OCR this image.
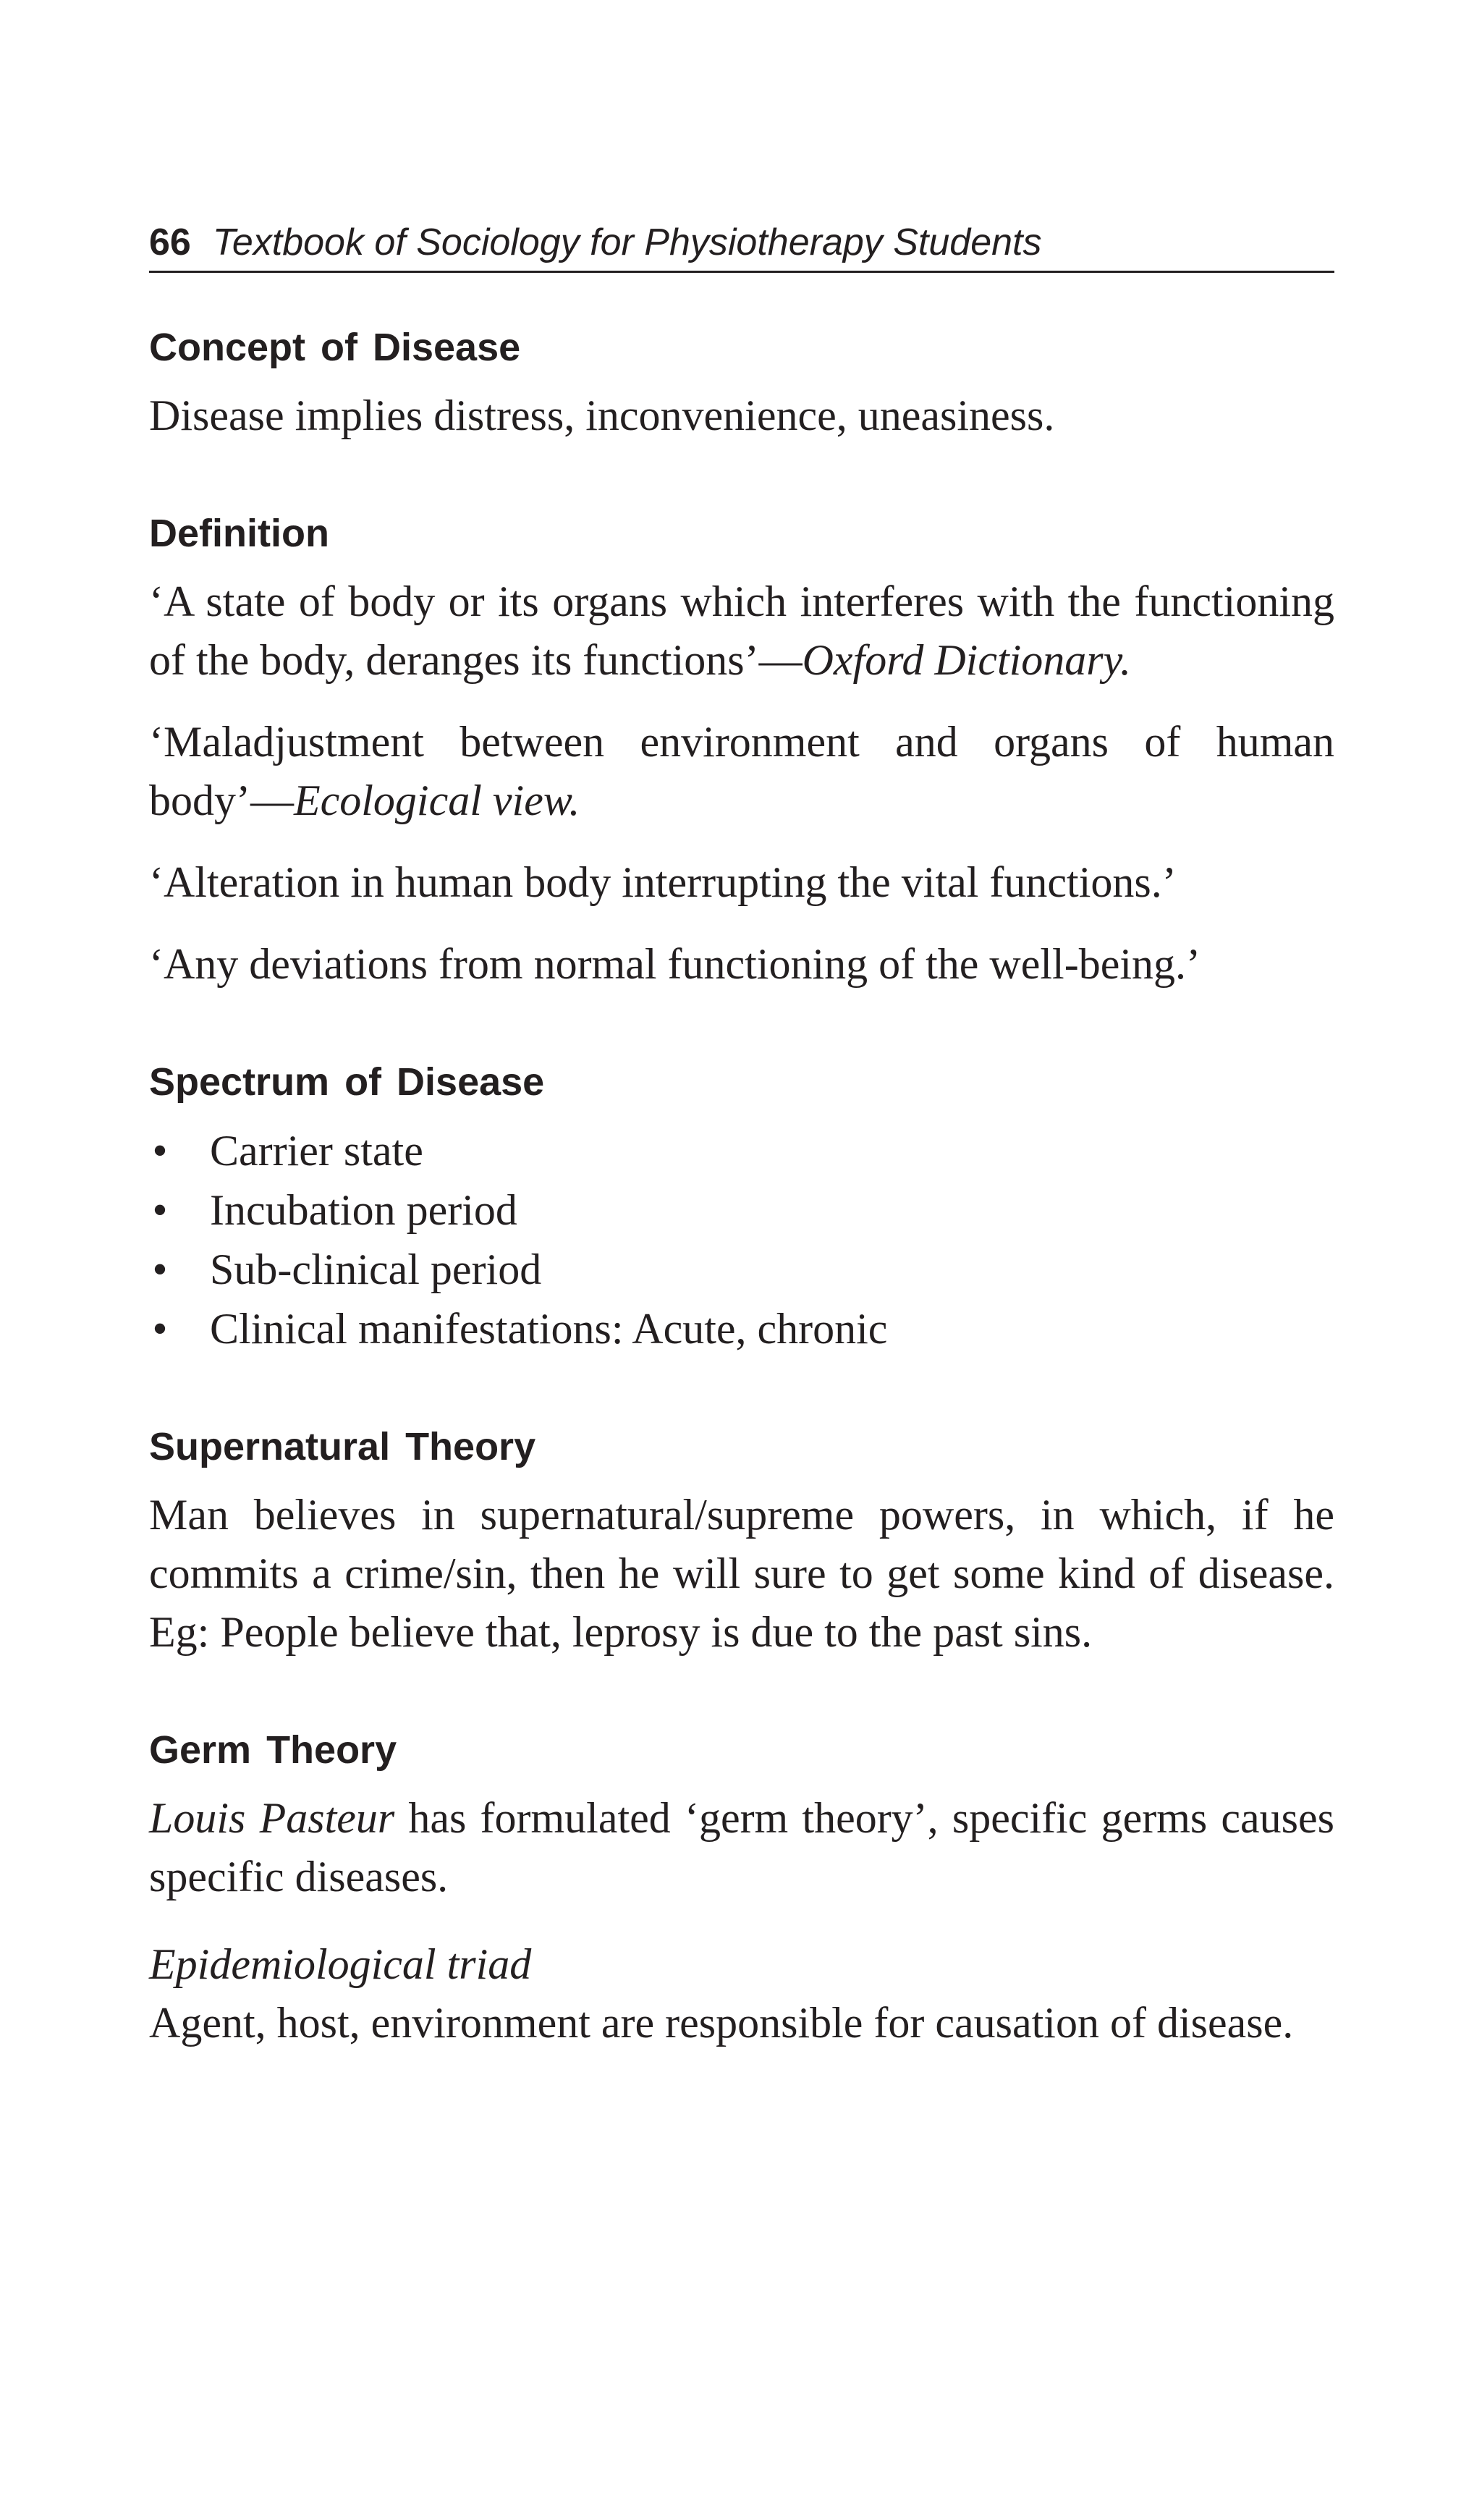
66 Textbook of Sociology for Physiotherapy Students
Concept of Disease

Disease implies distress, inconvenience, uneasiness.

Definition

‘A state of body or its organs which interferes with the functioning of the body, deranges its functions’—Oxford Dictionary.

‘Maladjustment between environment and organs of human body’—Ecological view.

‘Alteration in human body interrupting the vital functions.’

‘Any deviations from normal functioning of the well-being.’

Spectrum of Disease
• Carrier state
• Incubation period
• Sub-clinical period
• Clinical manifestations: Acute, chronic
Supernatural Theory

Man believes in supernatural/supreme powers, in which, if he commits a crime/sin, then he will sure to get some kind of disease. Eg: People believe that, leprosy is due to the past sins.

Germ Theory

Louis Pasteur has formulated ‘germ theory’, specific germs causes specific diseases.

Epidemiological triad

Agent, host, environment are responsible for causation of disease.
